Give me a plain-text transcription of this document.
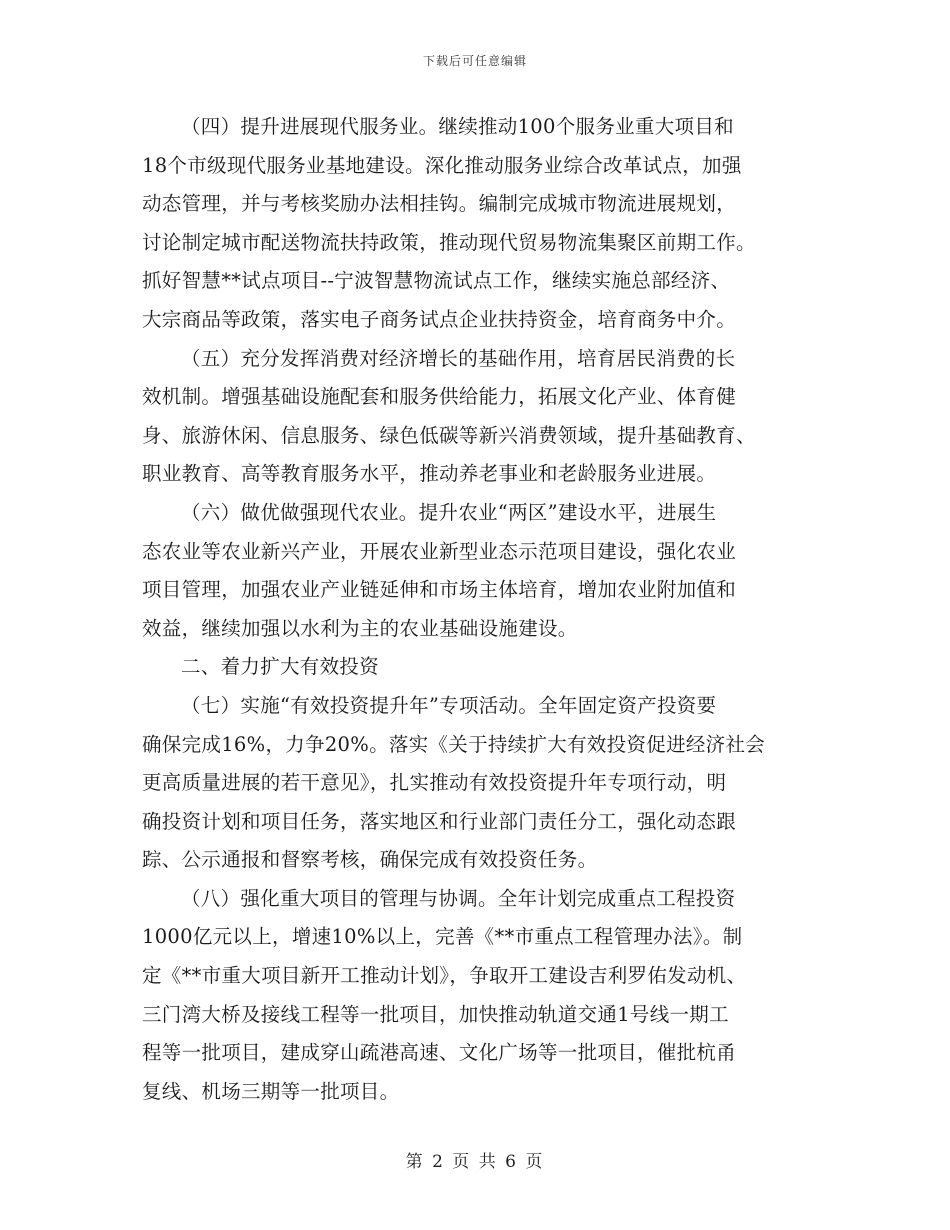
下载后可任意编辑

（四）提升进展现代服务业。继续推动100个服务业重大项目和
18个市级现代服务业基地建设。深化推动服务业综合改革试点，加强
动态管理，并与考核奖励办法相挂钩。编制完成城市物流进展规划，
讨论制定城市配送物流扶持政策，推动现代贸易物流集聚区前期工作。
抓好智慧**试点项目--宁波智慧物流试点工作，继续实施总部经济、
大宗商品等政策，落实电子商务试点企业扶持资金，培育商务中介。

（五）充分发挥消费对经济增长的基础作用，培育居民消费的长
效机制。增强基础设施配套和服务供给能力，拓展文化产业、体育健
身、旅游休闲、信息服务、绿色低碳等新兴消费领域，提升基础教育、
职业教育、高等教育服务水平，推动养老事业和老龄服务业进展。

（六）做优做强现代农业。提升农业“两区”建设水平，进展生
态农业等农业新兴产业，开展农业新型业态示范项目建设，强化农业
项目管理，加强农业产业链延伸和市场主体培育，增加农业附加值和
效益，继续加强以水利为主的农业基础设施建设。

二、着力扩大有效投资

（七）实施“有效投资提升年”专项活动。全年固定资产投资要
确保完成16%，力争20%。落实《关于持续扩大有效投资促进经济社会
更高质量进展的若干意见》，扎实推动有效投资提升年专项行动，明
确投资计划和项目任务，落实地区和行业部门责任分工，强化动态跟
踪、公示通报和督察考核，确保完成有效投资任务。

（八）强化重大项目的管理与协调。全年计划完成重点工程投资
1000亿元以上，增速10%以上，完善《**市重点工程管理办法》。制
定《**市重大项目新开工推动计划》，争取开工建设吉利罗佑发动机、
三门湾大桥及接线工程等一批项目，加快推动轨道交通1号线一期工
程等一批项目，建成穿山疏港高速、文化广场等一批项目，催批杭甬
复线、机场三期等一批项目。

第 2 页 共 6 页
